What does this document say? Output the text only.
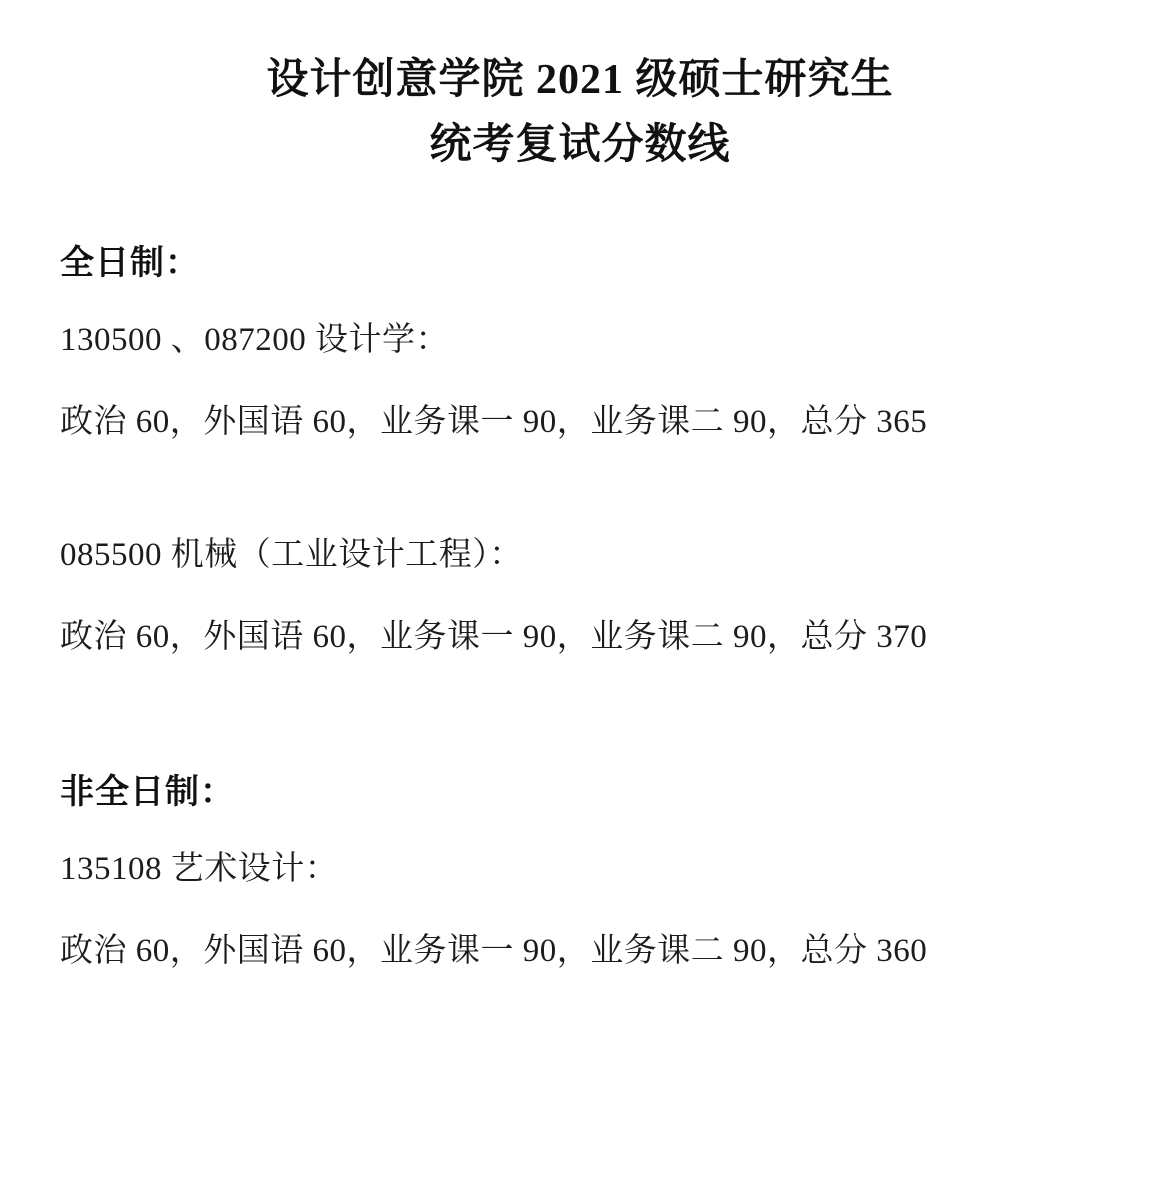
设计创意学院 2021 级硕士研究生
统考复试分数线

全日制：

130500 、087200 设计学：

政治 60，外国语 60，业务课一 90，业务课二 90，总分 365

085500 机械（工业设计工程）：

政治 60，外国语 60，业务课一 90，业务课二 90，总分 370

非全日制：

135108 艺术设计：

政治 60，外国语 60，业务课一 90，业务课二 90，总分 360
